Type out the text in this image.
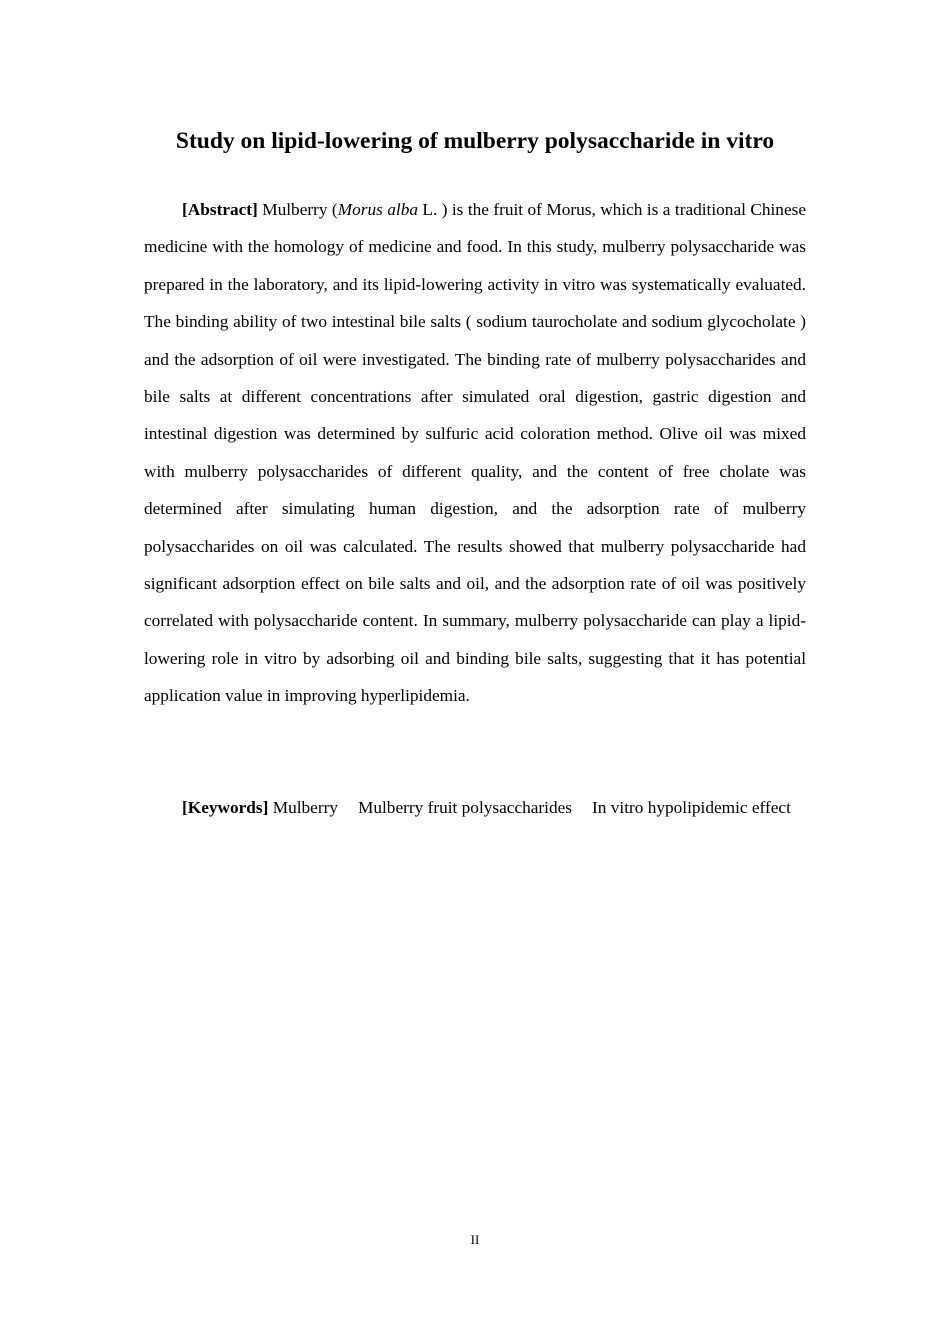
Study on lipid-lowering of mulberry polysaccharide in vitro

[Abstract] Mulberry (Morus alba L. ) is the fruit of Morus, which is a traditional Chinese medicine with the homology of medicine and food. In this study, mulberry polysaccharide was prepared in the laboratory, and its lipid-lowering activity in vitro was systematically evaluated. The binding ability of two intestinal bile salts ( sodium taurocholate and sodium glycocholate ) and the adsorption of oil were investigated. The binding rate of mulberry polysaccharides and bile salts at different concentrations after simulated oral digestion, gastric digestion and intestinal digestion was determined by sulfuric acid coloration method. Olive oil was mixed with mulberry polysaccharides of different quality, and the content of free cholate was determined after simulating human digestion, and the adsorption rate of mulberry polysaccharides on oil was calculated. The results showed that mulberry polysaccharide had significant adsorption effect on bile salts and oil, and the adsorption rate of oil was positively correlated with polysaccharide content. In summary, mulberry polysaccharide can play a lipid-lowering role in vitro by adsorbing oil and binding bile salts, suggesting that it has potential application value in improving hyperlipidemia.

[Keywords] Mulberry Mulberry fruit polysaccharides In vitro hypolipidemic effect

II
